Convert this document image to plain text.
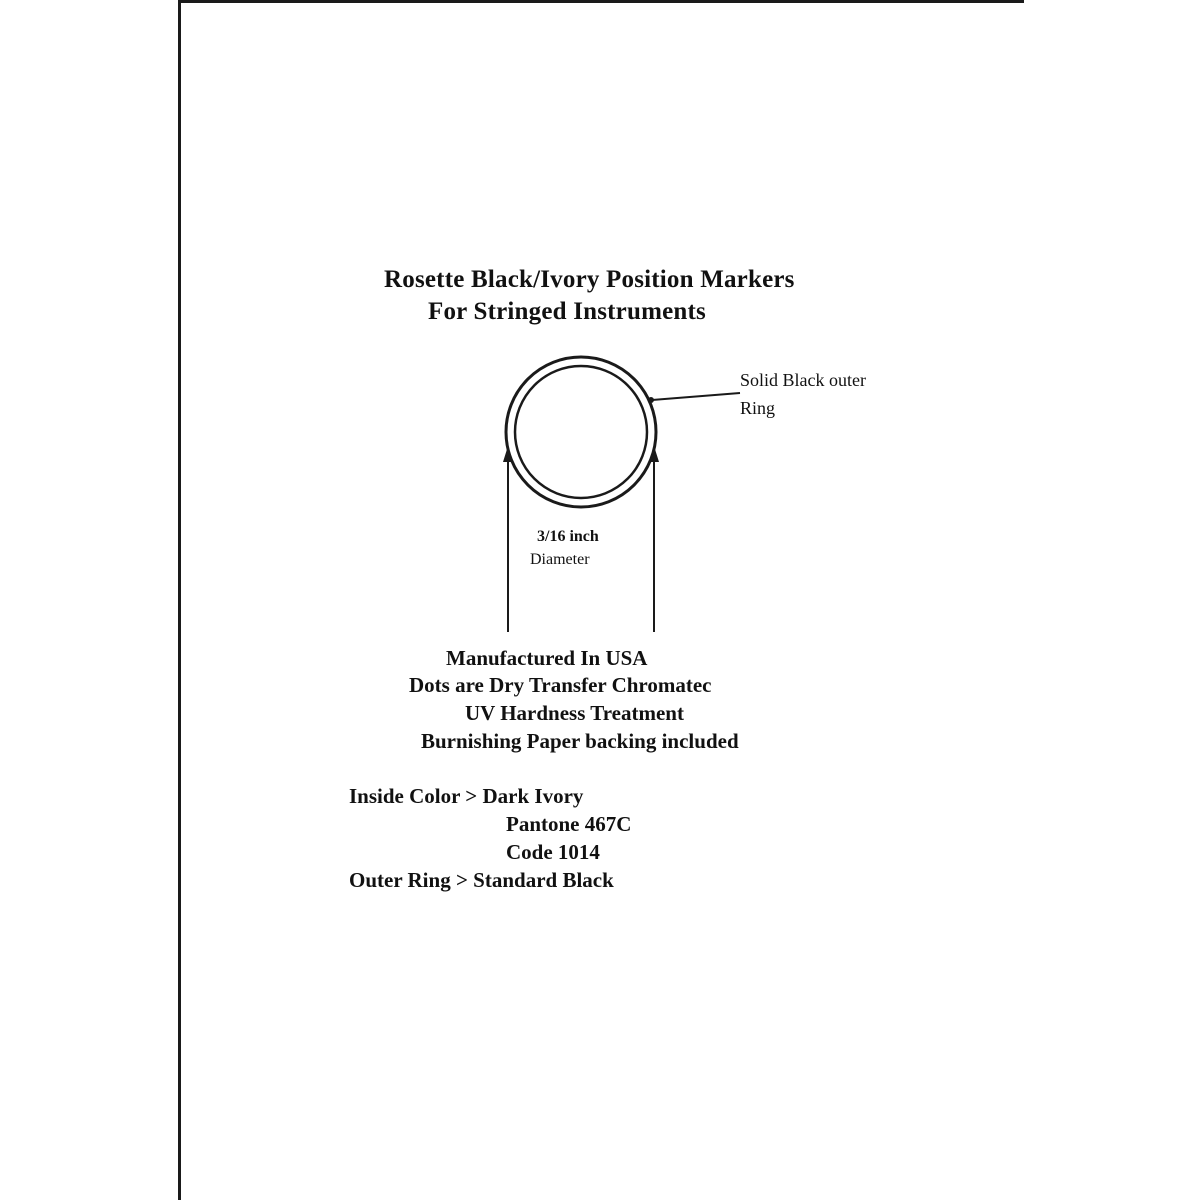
Rosette Black/Ivory Position Markers
For Stringed Instruments
Solid Black outer
Ring
3/16 inch
Diameter
Manufactured In USA
Dots are Dry Transfer Chromatec
UV Hardness Treatment
Burnishing Paper backing included
Inside Color > Dark Ivory
Pantone 467C
Code 1014
Outer Ring > Standard Black
